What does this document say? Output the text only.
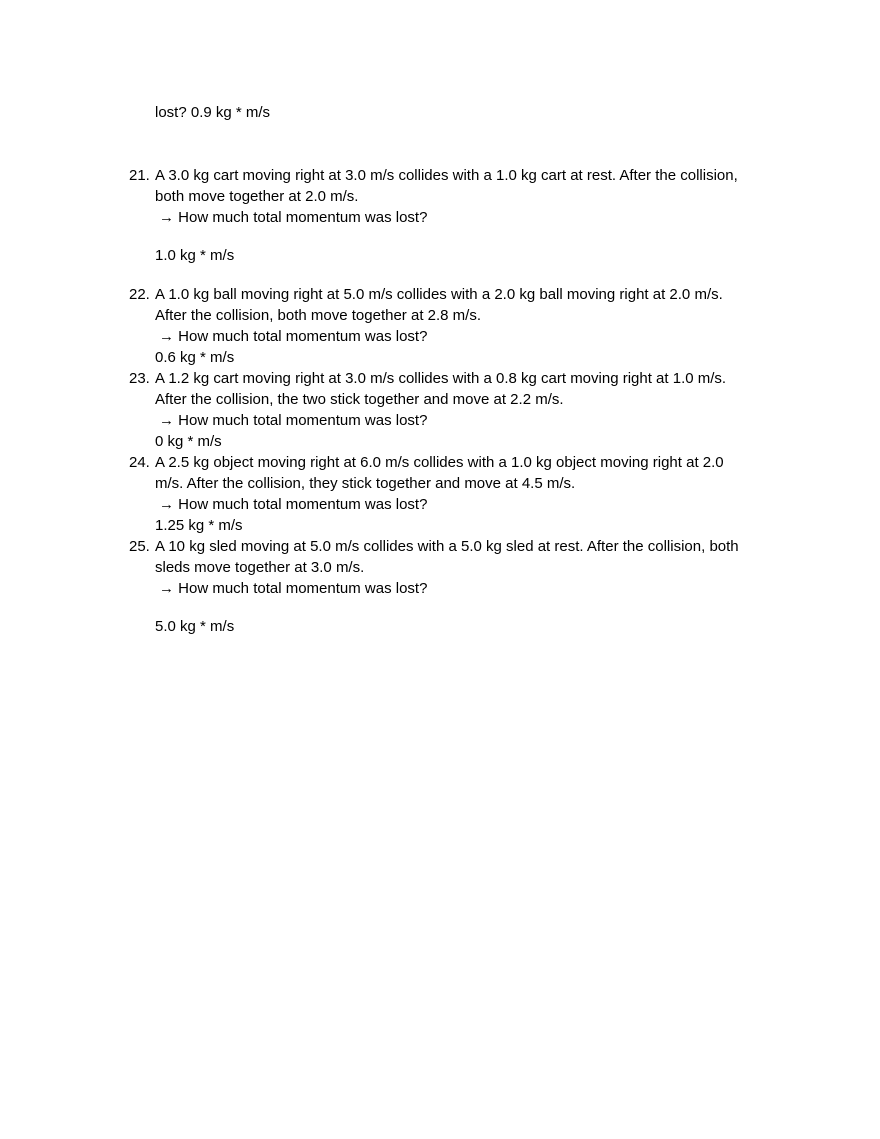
lost? 0.9 kg * m/s
21. A 3.0 kg cart moving right at 3.0 m/s collides with a 1.0 kg cart at rest. After the collision,
both move together at 2.0 m/s.
→ How much total momentum was lost?
1.0 kg * m/s
22. A 1.0 kg ball moving right at 5.0 m/s collides with a 2.0 kg ball moving right at 2.0 m/s.
After the collision, both move together at 2.8 m/s.
→ How much total momentum was lost?
0.6 kg * m/s
23. A 1.2 kg cart moving right at 3.0 m/s collides with a 0.8 kg cart moving right at 1.0 m/s.
After the collision, the two stick together and move at 2.2 m/s.
→ How much total momentum was lost?
0 kg * m/s
24. A 2.5 kg object moving right at 6.0 m/s collides with a 1.0 kg object moving right at 2.0
m/s. After the collision, they stick together and move at 4.5 m/s.
→ How much total momentum was lost?
1.25 kg * m/s
25. A 10 kg sled moving at 5.0 m/s collides with a 5.0 kg sled at rest. After the collision, both
sleds move together at 3.0 m/s.
→ How much total momentum was lost?
5.0 kg * m/s
